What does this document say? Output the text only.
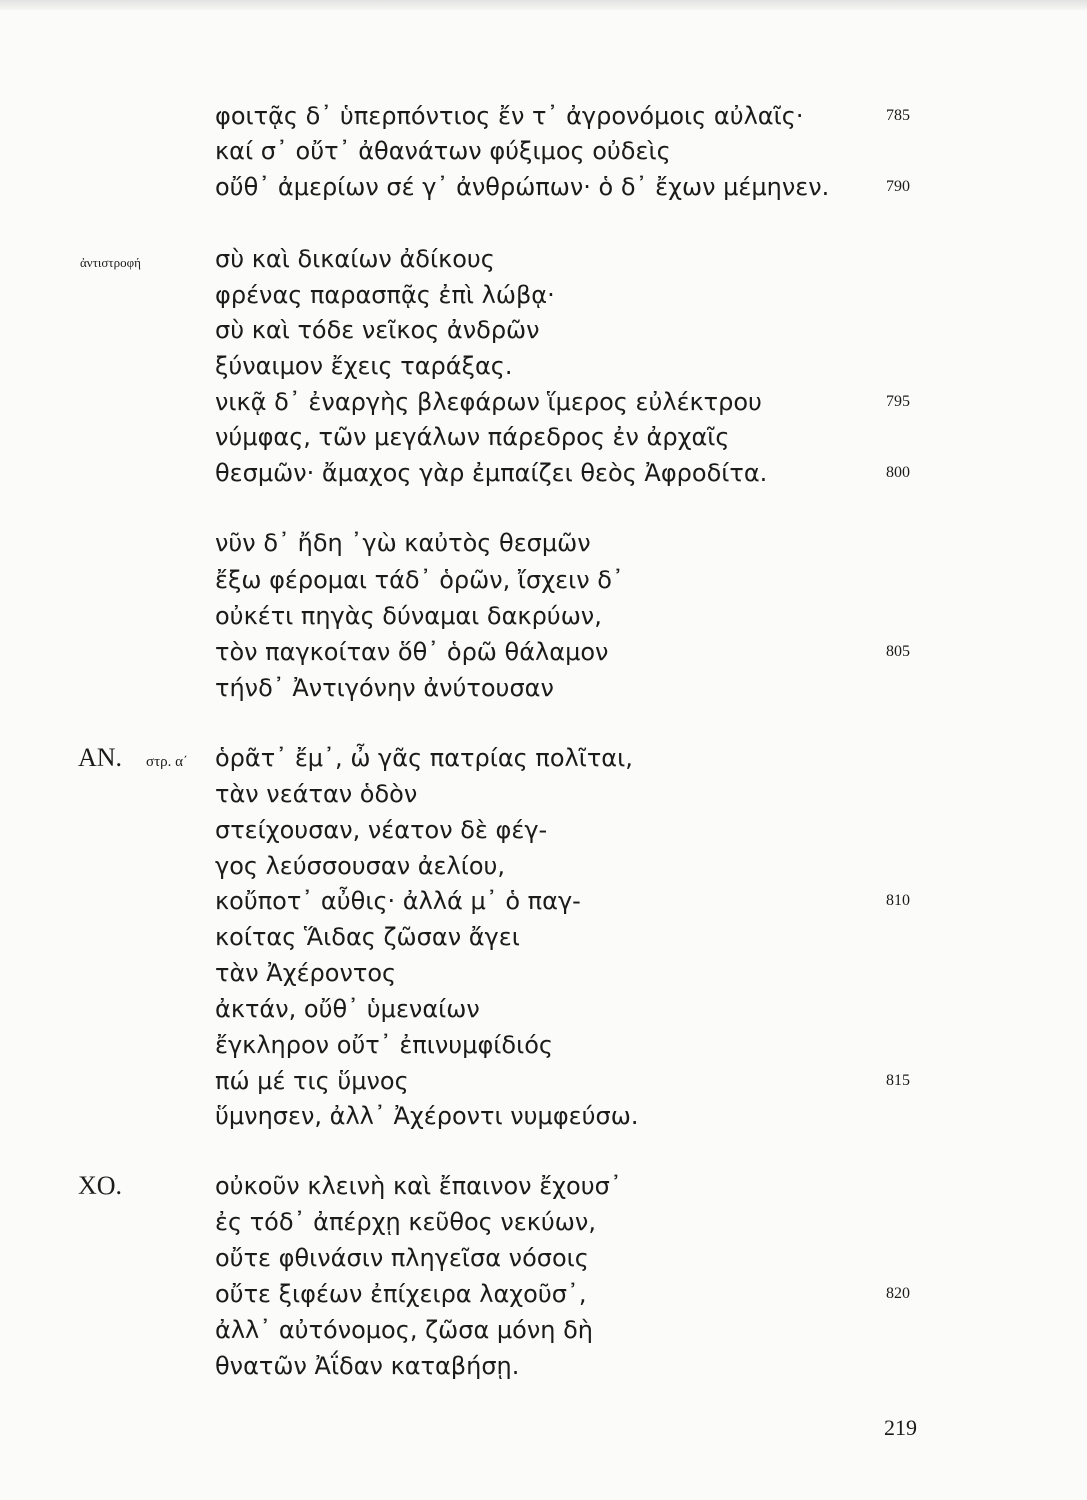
φοιτᾷς δ᾽ ὑπερπόντιος ἔν τ᾽ ἀγρονόμοις αὐλαῖς·
καί σ᾽ οὔτ᾽ ἀθανάτων φύξιμος οὐδεὶς
οὔθ᾽ ἀμερίων σέ γ᾽ ἀνθρώπων· ὁ δ᾽ ἔχων μέμηνεν.
ἀντιστροφή	σὺ καὶ δικαίων ἀδίκους
φρένας παρασπᾷς ἐπὶ λώβᾳ·
σὺ καὶ τόδε νεῖκος ἀνδρῶν
ξύναιμον ἔχεις ταράξας.
νικᾷ δ᾽ ἐναργὴς βλεφάρων ἵμερος εὐλέκτρου
νύμφας, τῶν μεγάλων πάρεδρος ἐν ἀρχαῖς
θεσμῶν· ἄμαχος γὰρ ἐμπαίζει θεὸς Ἀφροδίτα.
νῦν δ᾽ ἤδη ᾽γὼ καὐτὸς θεσμῶν
ἔξω φέρομαι τάδ᾽ ὁρῶν, ἴσχειν δ᾽
οὐκέτι πηγὰς δύναμαι δακρύων,
τὸν παγκοίταν ὅθ᾽ ὁρῶ θάλαμον
τήνδ᾽ Ἀντιγόνην ἀνύτουσαν
ΑΝ. στρ. α΄ ὁρᾶτ᾽ ἔμ᾽, ὦ γᾶς πατρίας πολῖται,
τὰν νεάταν ὁδὸν
στείχουσαν, νέατον δὲ φέγ-
γος λεύσσουσαν ἀελίου,
κοὔποτ᾽ αὖθις· ἀλλά μ᾽ ὁ παγ-
κοίτας Ἅιδας ζῶσαν ἄγει
τὰν Ἀχέροντος
ἀκτάν, οὔθ᾽ ὑμεναίων
ἔγκληρον οὔτ᾽ ἐπινυμφίδιός
πώ μέ τις ὕμνος
ὕμνησεν, ἀλλ᾽ Ἀχέροντι νυμφεύσω.
ΧΟ.	οὐκοῦν κλεινὴ καὶ ἔπαινον ἔχουσ᾽
ἐς τόδ᾽ ἀπέρχῃ κεῦθος νεκύων,
οὔτε φθινάσιν πληγεῖσα νόσοις
οὔτε ξιφέων ἐπίχειρα λαχοῦσ᾽,
ἀλλ᾽ αὐτόνομος, ζῶσα μόνη δὴ
θνατῶν Ἀΐδαν καταβήσῃ.
785
790
795
800
805
810
815
820
219
